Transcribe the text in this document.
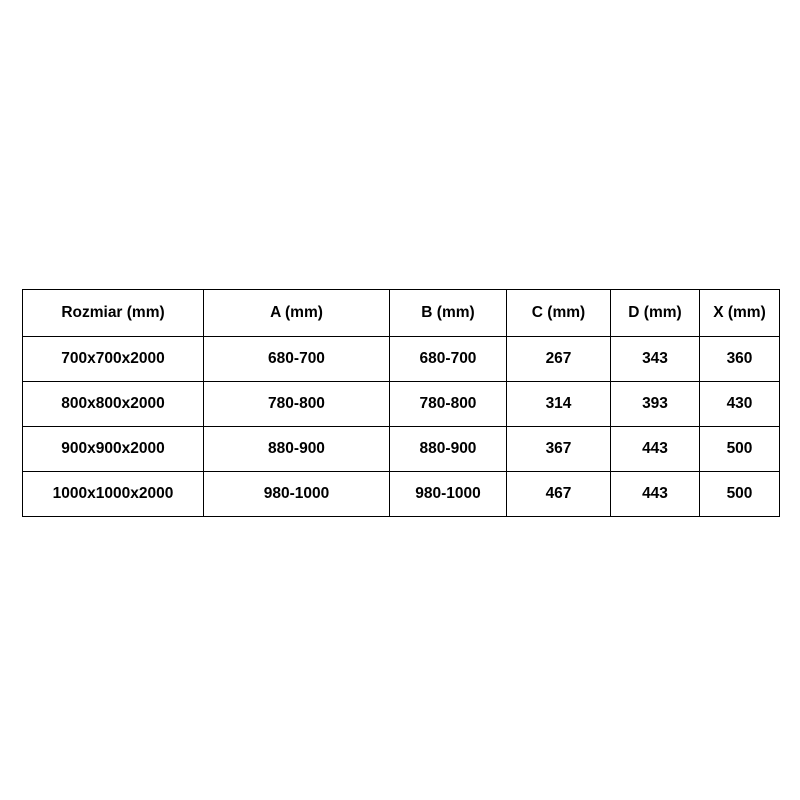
Rozmiar (mm)	A (mm)	B (mm)	C (mm)	D (mm)	X (mm)
700x700x2000	680-700	680-700	267	343	360
800x800x2000	780-800	780-800	314	393	430
900x900x2000	880-900	880-900	367	443	500
1000x1000x2000	980-1000	980-1000	467	443	500
